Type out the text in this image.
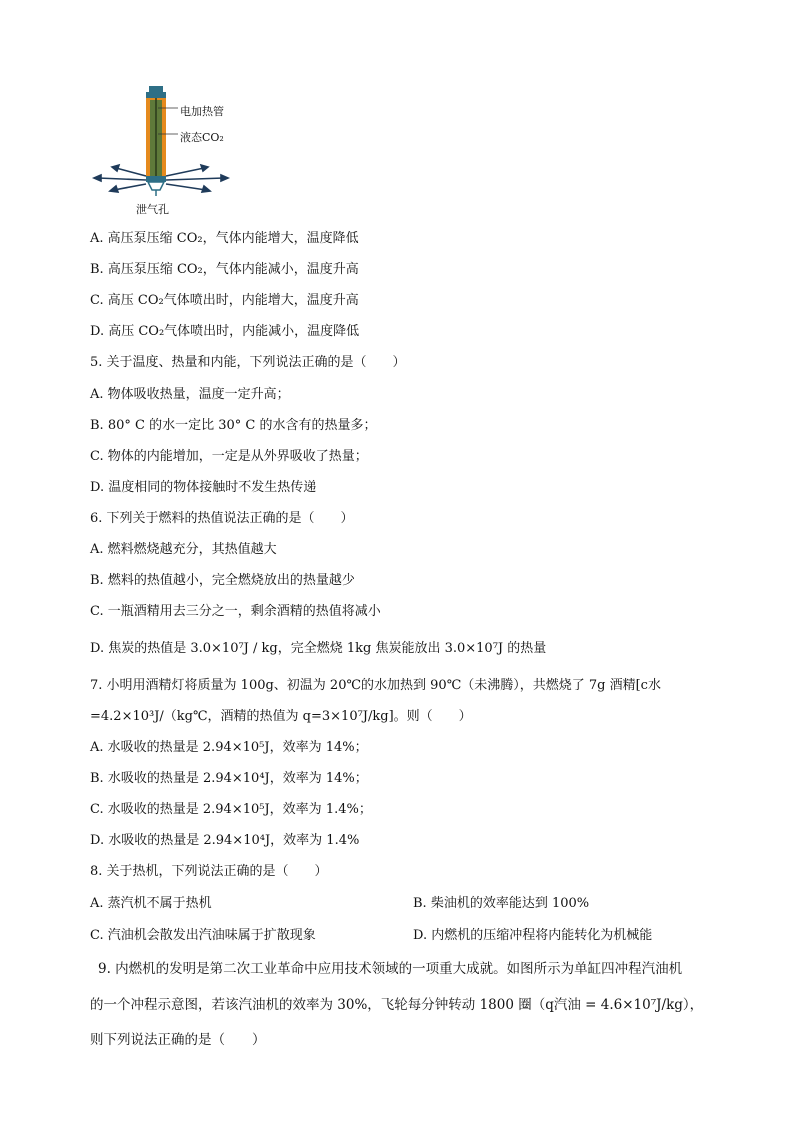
电加热管
液态CO₂
泄气孔
A. 高压泵压缩 CO₂，气体内能增大，温度降低
B. 高压泵压缩 CO₂，气体内能减小，温度升高
C. 高压 CO₂气体喷出时，内能增大，温度升高
D. 高压 CO₂气体喷出时，内能减小，温度降低
5. 关于温度、热量和内能，下列说法正确的是（　　）
A. 物体吸收热量，温度一定升高；
B. 80° C 的水一定比 30° C 的水含有的热量多；
C. 物体的内能增加，一定是从外界吸收了热量；
D. 温度相同的物体接触时不发生热传递
6. 下列关于燃料的热值说法正确的是（　　）
A. 燃料燃烧越充分，其热值越大
B. 燃料的热值越小，完全燃烧放出的热量越少
C. 一瓶酒精用去三分之一，剩余酒精的热值将减小
D. 焦炭的热值是 3.0×10⁷J / kg，完全燃烧 1kg 焦炭能放出 3.0×10⁷J 的热量
7. 小明用酒精灯将质量为 100g、初温为 20℃的水加热到 90℃（未沸腾），共燃烧了 7g 酒精[c水
=4.2×10³J/（kg℃，酒精的热值为 q=3×10⁷J/kg]。则（　　）
A. 水吸收的热量是 2.94×10⁵J，效率为 14%；
B. 水吸收的热量是 2.94×10⁴J，效率为 14%；
C. 水吸收的热量是 2.94×10⁵J，效率为 1.4%；
D. 水吸收的热量是 2.94×10⁴J，效率为 1.4%
8. 关于热机，下列说法正确的是（　　）
A. 蒸汽机不属于热机	B. 柴油机的效率能达到 100%
C. 汽油机会散发出汽油味属于扩散现象	D. 内燃机的压缩冲程将内能转化为机械能
9. 内燃机的发明是第二次工业革命中应用技术领域的一项重大成就。如图所示为单缸四冲程汽油机
的一个冲程示意图，若该汽油机的效率为 30%，飞轮每分钟转动 1800 圈（q汽油 = 4.6×10⁷J/kg），
则下列说法正确的是（　　）
